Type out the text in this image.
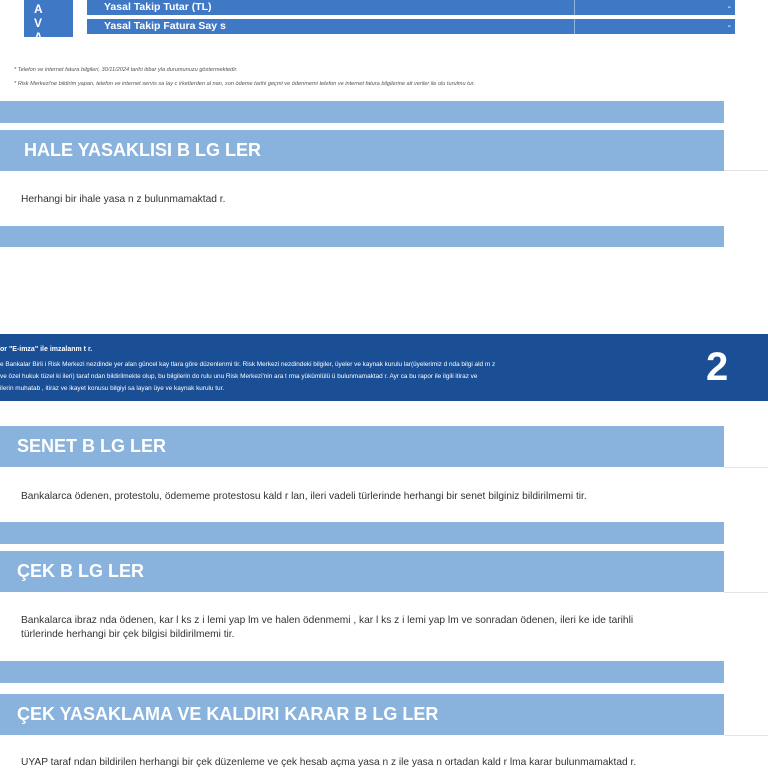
AV A.
Yasal Takip Tutar (TL)	-
Yasal Takip Fatura Say s	-
* Telefon ve internet fatura bilgileri, 30/11/2024 tarihi itibar yla durumunuzu göstermektedir.
* Risk Merkezi'ne bildirim yapan, telefon ve internet servis sa lay c irketlerden al nan, son ödeme tarihi geçmi ve ödenmemi telefon ve internet fatura bilgilerine ait veriler ile olu turulmu tur.
HALE YASAKLISI B LG LER
Herhangi bir ihale yasa n z bulunmamaktad r.
or "E-imza" ile imzalanm t r.
e Bankalar Birli i Risk Merkezi nezdinde yer alan güncel kay tlara göre düzenlenmi tir. Risk Merkezi nezdindeki bilgiler, üyeler ve kaynak kurulu lar(üyelerimiz d nda bilgi ald m z
ve özel hukuk tüzel ki ileri) taraf ndan bildirilmekte olup, bu bilgilerin do rulu unu Risk Merkezi'nin ara t rma yükümlülü ü bulunmamaktad r. Ayr ca bu rapor ile ilgili itiraz ve
ilerin muhatab , itiraz ve ikayet konusu bilgiyi sa layan üye ve kaynak kurulu tur.	2
SENET B LG LER
Bankalarca ödenen, protestolu, ödememe protestosu kald r lan, ileri vadeli türlerinde herhangi bir senet bilginiz bildirilmemi tir.
ÇEK B LG LER
Bankalarca ibraz nda ödenen, kar l ks z i lemi yap lm ve halen ödenmemi , kar l ks z i lemi yap lm ve sonradan ödenen, ileri ke ide tarihli
türlerinde herhangi bir çek bilgisi bildirilmemi tir.
ÇEK YASAKLAMA VE KALDIRI KARAR B LG LER
UYAP taraf ndan bildirilen herhangi bir çek düzenleme ve çek hesab açma yasa n z ile yasa n ortadan kald r lma karar bulunmamaktad r.
